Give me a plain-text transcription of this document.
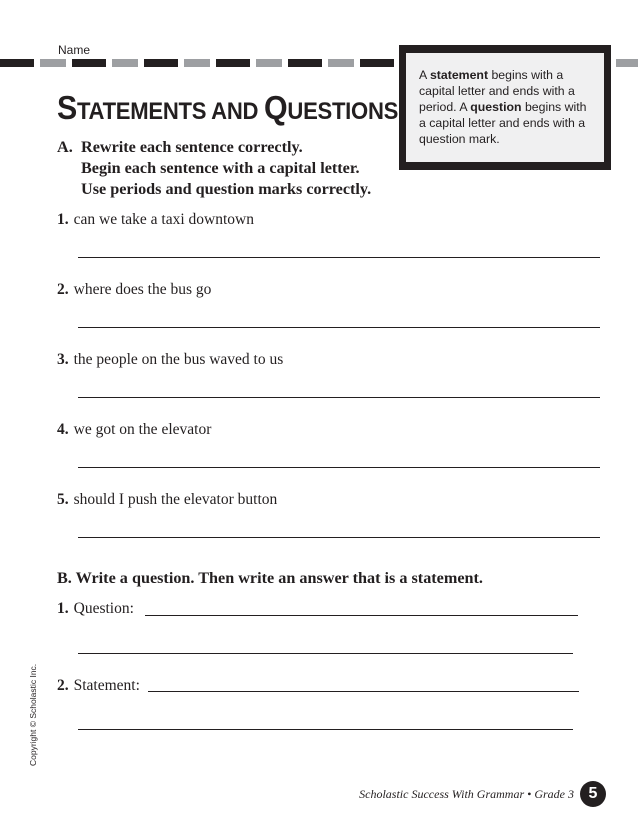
Name
A statement begins with a capital letter and ends with a period. A question begins with a capital letter and ends with a question mark.
STATEMENTS AND QUESTIONS
A. Rewrite each sentence correctly.
Begin each sentence with a capital letter.
Use periods and question marks correctly.
1. can we take a taxi downtown
2. where does the bus go
3. the people on the bus waved to us
4. we got on the elevator
5. should I push the elevator button
B. Write a question. Then write an answer that is a statement.
1. Question:
2. Statement:
Copyright © Scholastic Inc.
Scholastic Success With Grammar • Grade 3 5
